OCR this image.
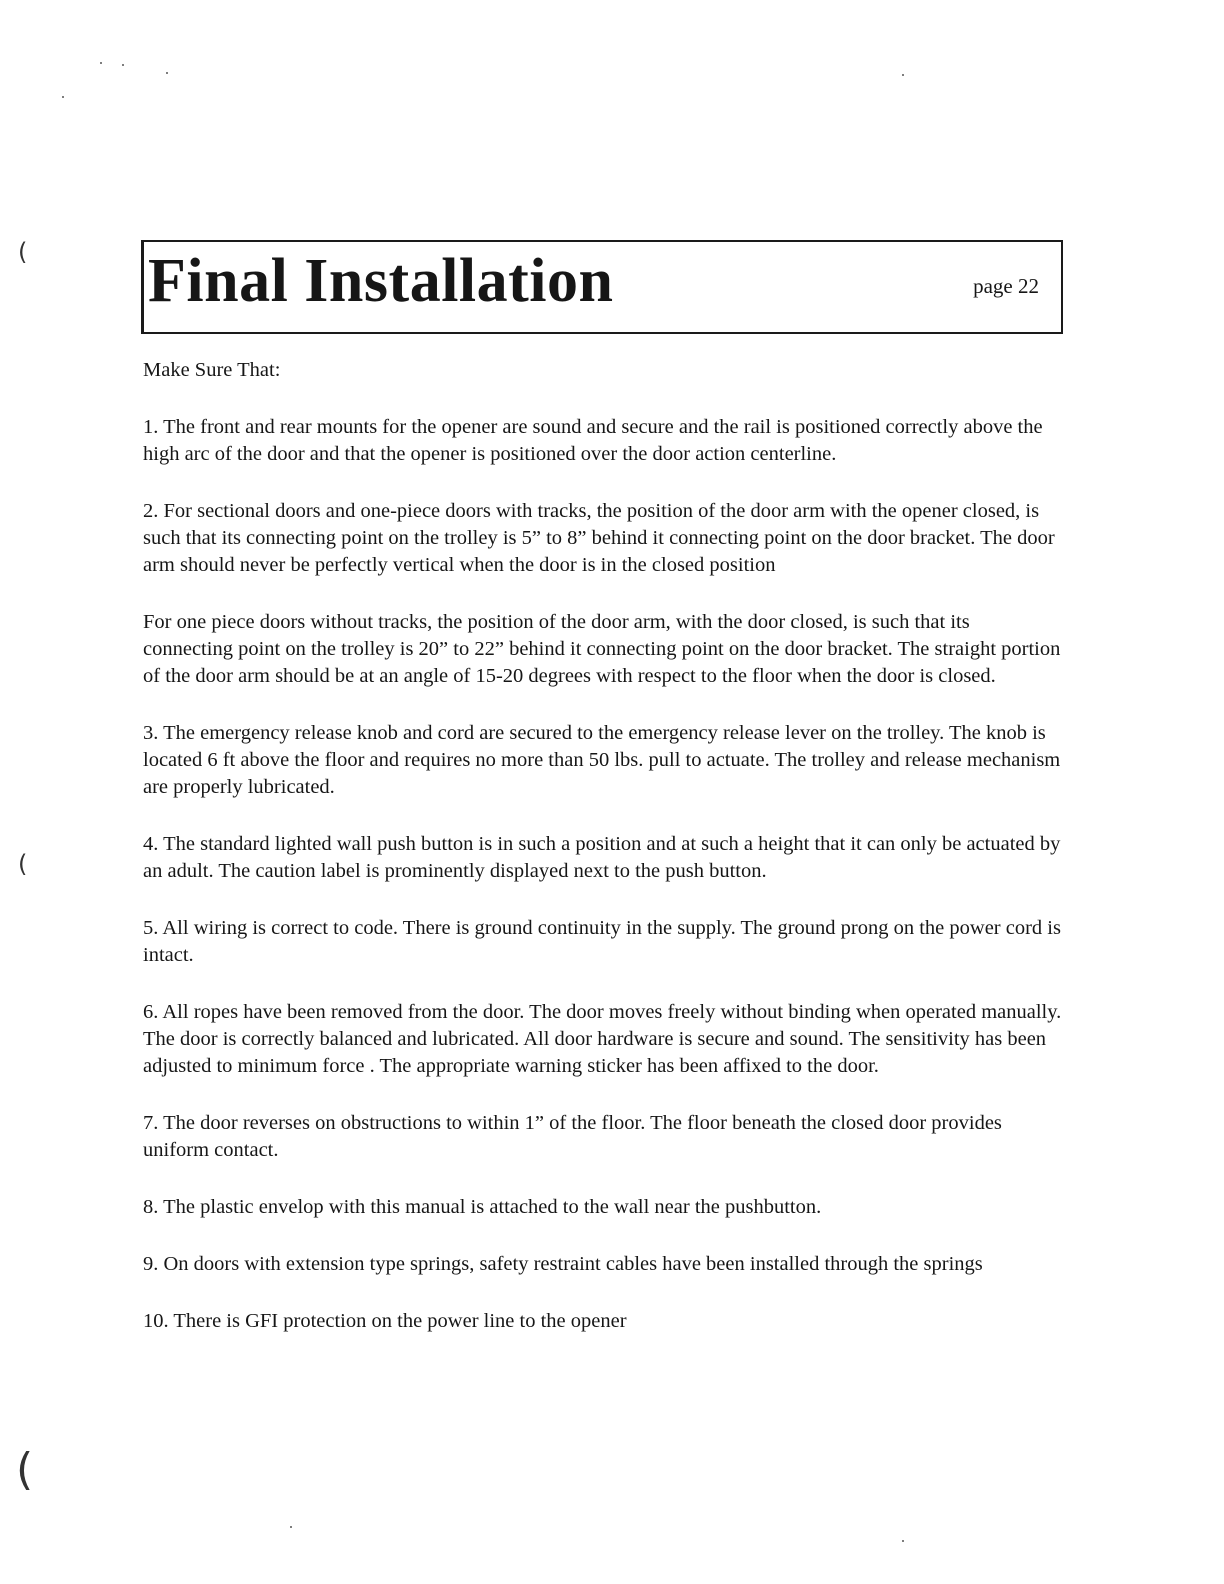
(
(
(
Final Installation	page 22

Make Sure That:

1. The front and rear mounts for the opener are sound and secure and the rail is positioned correctly above the high arc of the door and that the opener is positioned over the door action centerline.

2. For sectional doors and one-piece doors with tracks, the position of the door arm with the opener closed, is such that its connecting point on the trolley is 5” to 8” behind it connecting point on the door bracket. The door arm should never be perfectly vertical when the door is in the closed position

For one piece doors without tracks, the position of the door arm, with the door closed, is such that its connecting point on the trolley is 20” to 22” behind it connecting point on the door bracket. The straight portion of the door arm should be at an angle of 15-20 degrees with respect to the floor when the door is closed.

3. The emergency release knob and cord are secured to the emergency release lever on the trolley. The knob is located 6 ft above the floor and requires no more than 50 lbs. pull to actuate. The trolley and release mechanism are properly lubricated.

4. The standard lighted wall push button is in such a position and at such a height that it can only be actuated by an adult. The caution label is prominently displayed next to the push button.

5. All wiring is correct to code. There is ground continuity in the supply. The ground prong on the power cord is intact.

6. All ropes have been removed from the door. The door moves freely without binding when operated manually. The door is correctly balanced and lubricated. All door hardware is secure and sound. The sensitivity has been adjusted to minimum force . The appropriate warning sticker has been affixed to the door.

7. The door reverses on obstructions to within 1” of the floor. The floor beneath the closed door provides uniform contact.

8. The plastic envelop with this manual is attached to the wall near the pushbutton.

9. On doors with extension type springs, safety restraint cables have been installed through the springs

10. There is GFI protection on the power line to the opener
